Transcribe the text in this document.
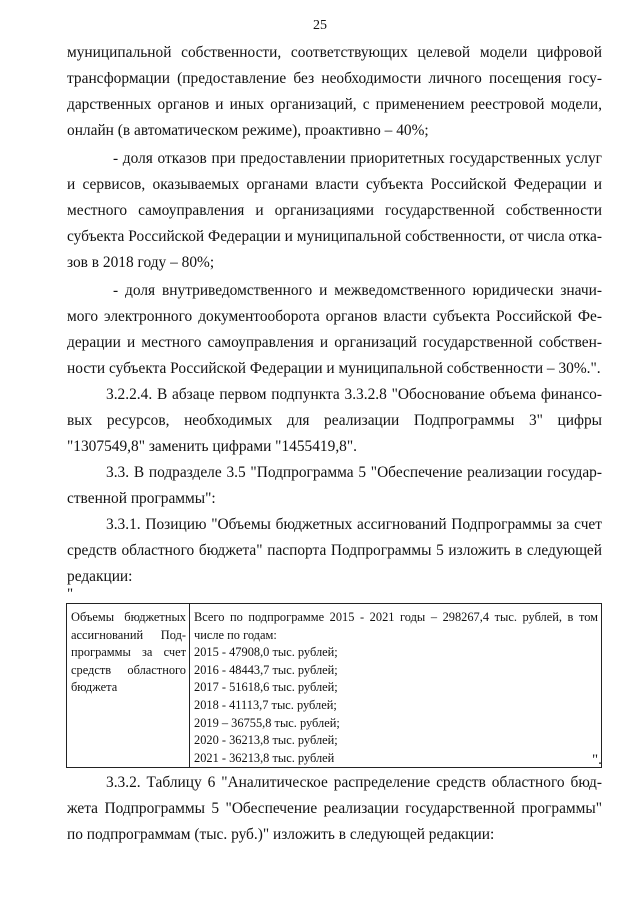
25
муниципальной собственности, соответствующих целевой модели цифровой
трансформации (предоставление без необходимости личного посещения госу-
дарственных органов и иных организаций, с применением реестровой модели,
онлайн (в автоматическом режиме), проактивно – 40%;
- доля отказов при предоставлении приоритетных государственных услуг
и сервисов, оказываемых органами власти субъекта Российской Федерации и
местного самоуправления и организациями государственной собственности
субъекта Российской Федерации и муниципальной собственности, от числа отка-
зов в 2018 году – 80%;
- доля внутриведомственного и межведомственного юридически значи-
мого электронного документооборота органов власти субъекта Российской Фе-
дерации и местного самоуправления и организаций государственной собствен-
ности субъекта Российской Федерации и муниципальной собственности – 30%.".
3.2.2.4. В абзаце первом подпункта 3.3.2.8 "Обоснование объема финансо-
вых ресурсов, необходимых для реализации Подпрограммы 3" цифры
"1307549,8" заменить цифрами "1455419,8".
3.3. В подразделе 3.5 "Подпрограмма 5 "Обеспечение реализации государ-
ственной программы":
3.3.1. Позицию "Объемы бюджетных ассигнований Подпрограммы за счет
средств областного бюджета" паспорта Подпрограммы 5 изложить в следующей
редакции:
"
Объемы бюджетных
ассигнований Под-
программы за счет
средств областного
бюджета

Всего по подпрограмме 2015 - 2021 годы – 298267,4 тыс. рублей, в том
числе по годам:
2015 - 47908,0 тыс. рублей;
2016 - 48443,7 тыс. рублей;
2017 - 51618,6 тыс. рублей;
2018 - 41113,7 тыс. рублей;
2019 – 36755,8 тыс. рублей;
2020 - 36213,8 тыс. рублей;
2021 - 36213,8 тыс. рублей	".
3.3.2. Таблицу 6 "Аналитическое распределение средств областного бюд-
жета Подпрограммы 5 "Обеспечение реализации государственной программы"
по подпрограммам (тыс. руб.)" изложить в следующей редакции:
